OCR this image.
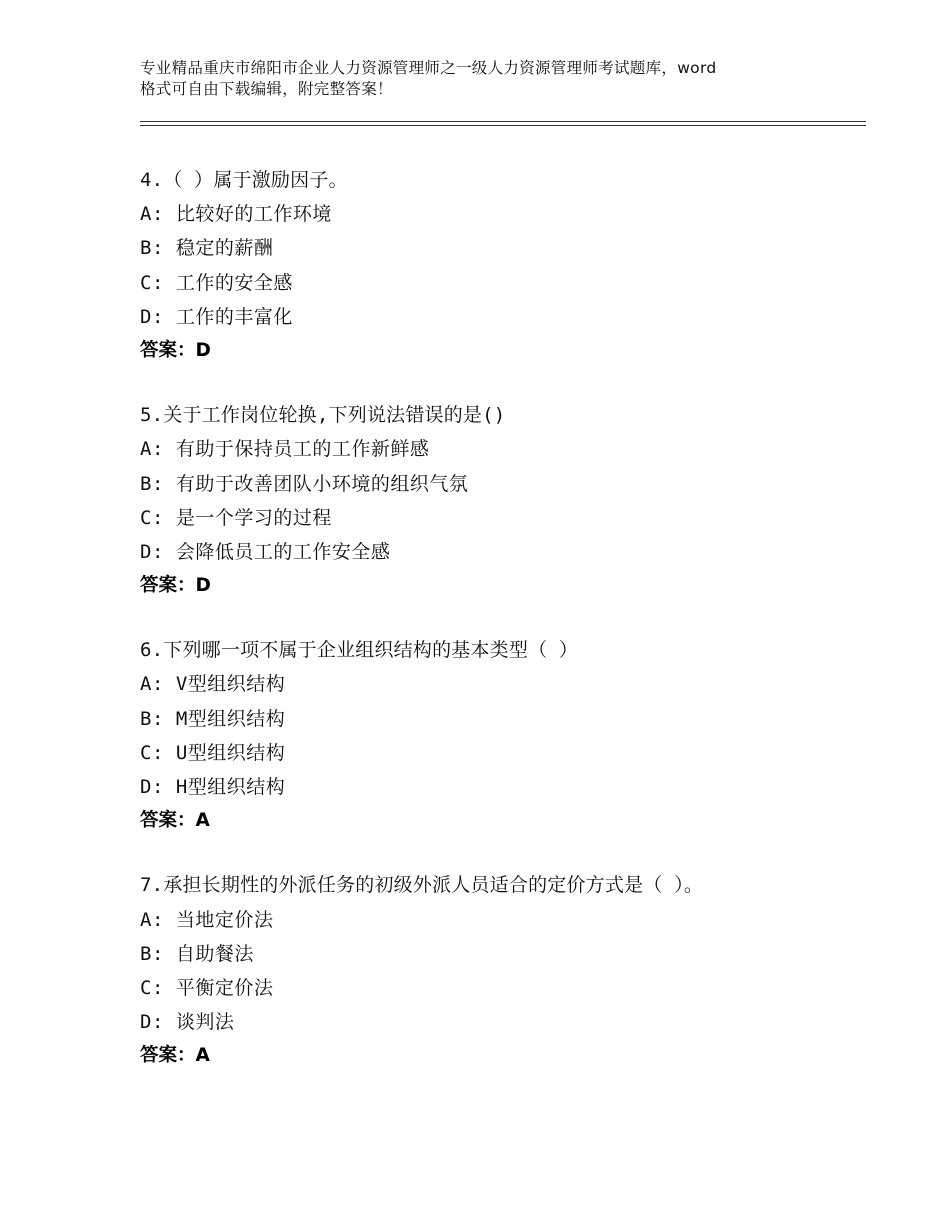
专业精品重庆市绵阳市企业人力资源管理师之一级人力资源管理师考试题库，word
格式可自由下载编辑，附完整答案！
4.（ ）属于激励因子。
A: 比较好的工作环境
B: 稳定的薪酬
C: 工作的安全感
D: 工作的丰富化
答案：D
5.关于工作岗位轮换,下列说法错误的是()
A: 有助于保持员工的工作新鲜感
B: 有助于改善团队小环境的组织气氛
C: 是一个学习的过程
D: 会降低员工的工作安全感
答案：D
6.下列哪一项不属于企业组织结构的基本类型（ ）
A: V型组织结构
B: M型组织结构
C: U型组织结构
D: H型组织结构
答案：A
7.承担长期性的外派任务的初级外派人员适合的定价方式是（ ）。
A: 当地定价法
B: 自助餐法
C: 平衡定价法
D: 谈判法
答案：A
